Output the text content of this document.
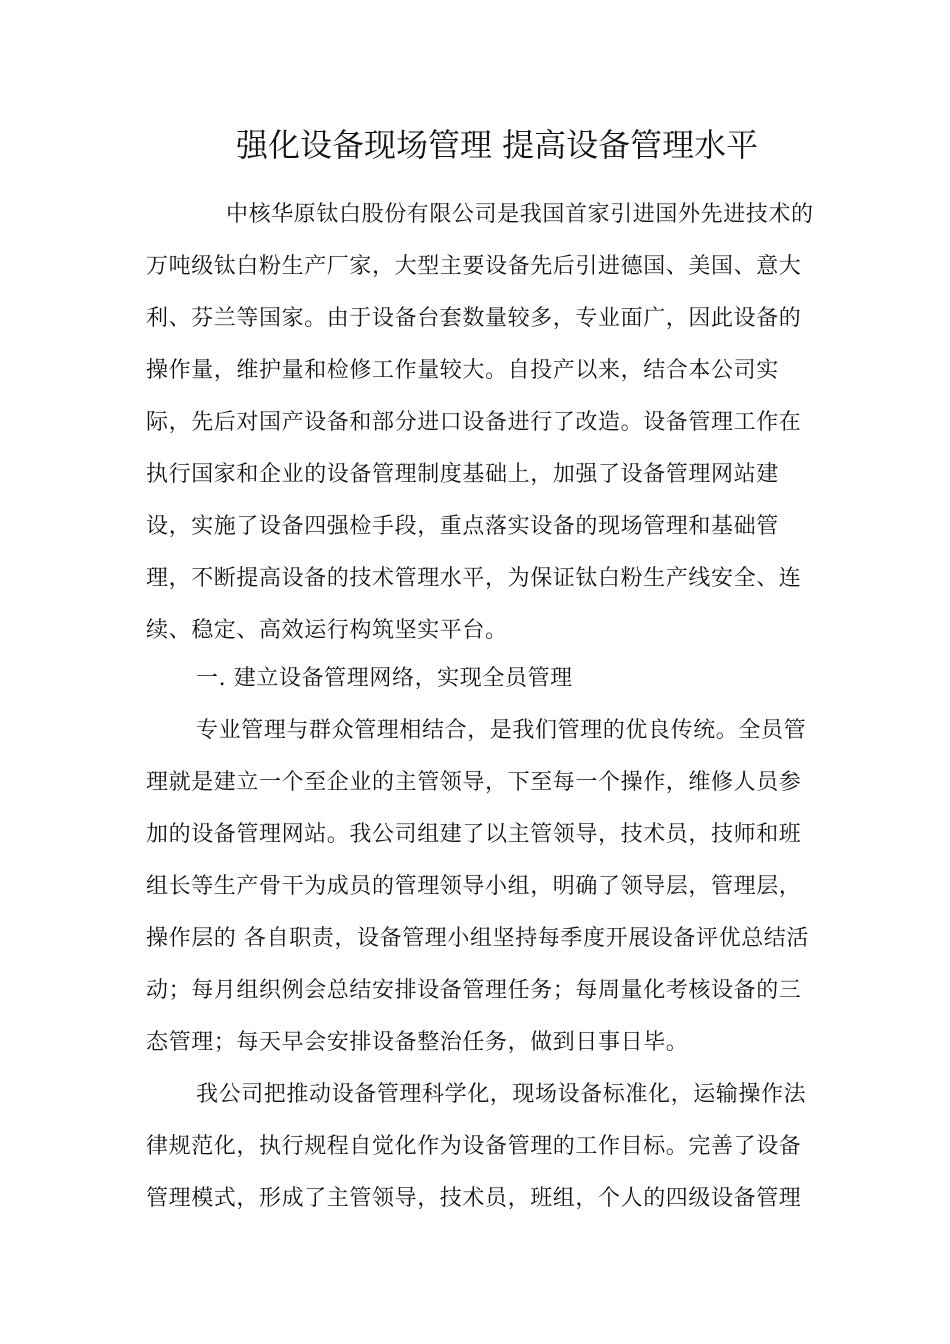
强化设备现场管理 提高设备管理水平
中核华原钛白股份有限公司是我国首家引进国外先进技术的
万吨级钛白粉生产厂家，大型主要设备先后引进德国、美国、意大
利、芬兰等国家。由于设备台套数量较多，专业面广，因此设备的
操作量，维护量和检修工作量较大。自投产以来，结合本公司实
际，先后对国产设备和部分进口设备进行了改造。设备管理工作在
执行国家和企业的设备管理制度基础上，加强了设备管理网站建
设，实施了设备四强检手段，重点落实设备的现场管理和基础管
理，不断提高设备的技术管理水平，为保证钛白粉生产线安全、连
续、稳定、高效运行构筑坚实平台。
一. 建立设备管理网络，实现全员管理
专业管理与群众管理相结合，是我们管理的优良传统。全员管
理就是建立一个至企业的主管领导，下至每一个操作，维修人员参
加的设备管理网站。我公司组建了以主管领导，技术员，技师和班
组长等生产骨干为成员的管理领导小组，明确了领导层，管理层，
操作层的 各自职责，设备管理小组坚持每季度开展设备评优总结活
动；每月组织例会总结安排设备管理任务；每周量化考核设备的三
态管理；每天早会安排设备整治任务，做到日事日毕。
我公司把推动设备管理科学化，现场设备标准化，运输操作法
律规范化，执行规程自觉化作为设备管理的工作目标。完善了设备
管理模式，形成了主管领导，技术员，班组，个人的四级设备管理
